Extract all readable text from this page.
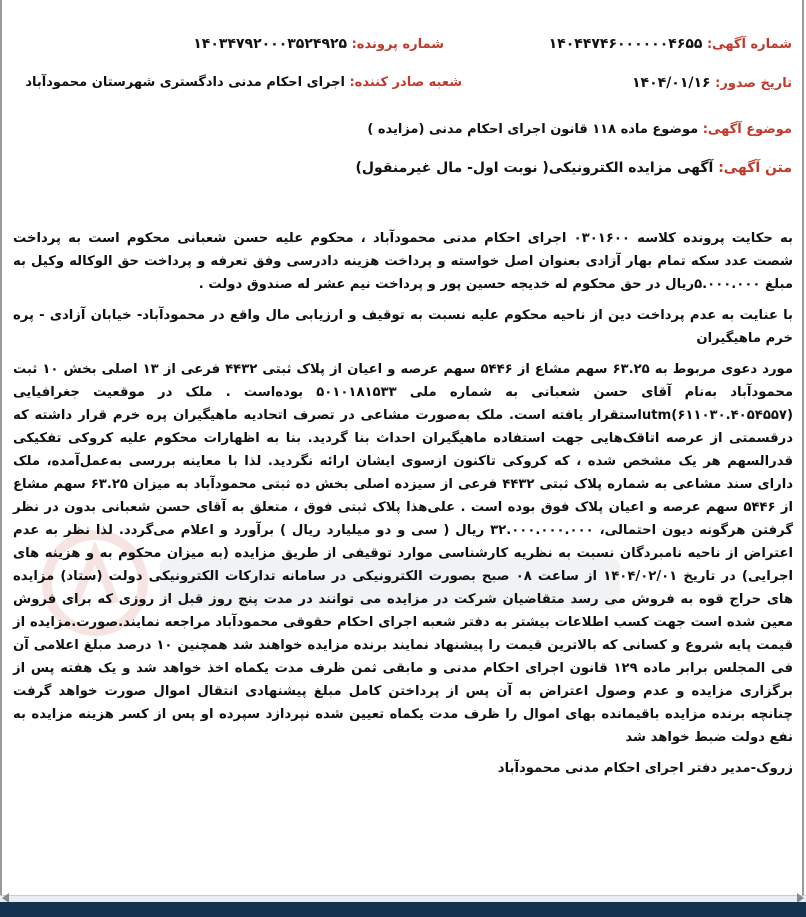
شماره آگهی: ۱۴۰۴۴۷۴۶۰۰۰۰۰۰۴۶۵۵
شماره پرونده: ۱۴۰۳۴۷۹۲۰۰۰۳۵۲۴۹۲۵
تاریخ صدور: ۱۴۰۴/۰۱/۱۶
شعبه صادر کننده: اجرای احکام مدنی دادگستری شهرستان محمودآباد
موضوع آگهی: موضوع ماده ۱۱۸ قانون اجرای احکام مدنی (مزایده )
متن آگهی: آگهی مزایده الکترونیکی( نوبت اول- مال غیرمنقول)

به حکایت پرونده کلاسه ۰۳۰۱۶۰۰ اجرای احکام مدنی محمودآباد ، محکوم علیه حسن شعبانی محکوم است به پرداخت شصت عدد سکه تمام بهار آزادی بعنوان اصل خواسته و پرداخت هزینه دادرسی وفق تعرفه و پرداخت حق الوکاله وکیل به مبلغ ۵.۰۰۰.۰۰۰ریال در حق محکوم له خدیجه حسین پور و پرداخت نیم عشر له صندوق دولت .

با عنایت به عدم پرداخت دین از ناحیه محکوم علیه نسبت به توقیف و ارزیابی مال واقع در محمودآباد- خیابان آزادی - پره خرم ماهیگیران

مورد دعوی مربوط به ۶۳.۲۵ سهم مشاع از ۵۴۴۶ سهم عرصه و اعیان از پلاک ثبتی ۴۴۳۲ فرعی از ۱۳ اصلی بخش ۱۰ ثبت محمودآباد به‌نام آقای حسن شعبانی به شماره ملی ۵۰۱۰۱۸۱۵۳۳ بوده‌است . ملک در موقعیت جغرافیایی utm(۶۱۱۰۳۰.۴۰۵۴۵۵۷)استقرار یافته است. ملک به‌صورت مشاعی در تصرف اتحادیه ماهیگیران پره خرم قرار داشته که درقسمتی از عرصه اتاقک‌هایی جهت استفاده ماهیگیران احداث بنا گردید. بنا به اظهارات محکوم علیه کروکی تفکیکی قدرالسهم هر یک مشخص شده ، که کروکی تاکنون ازسوی ایشان ارائه نگردید. لذا با معاینه بررسی به‌عمل‌آمده، ملک دارای سند مشاعی به شماره پلاک ثبتی ۴۴۳۲ فرعی از سیزده اصلی بخش ده ثبتی محمودآباد به میزان ۶۳.۲۵ سهم مشاع از ۵۴۴۶ سهم عرصه و اعیان پلاک فوق بوده است . علی‌هذا پلاک ثبتی فوق ، متعلق به آقای حسن شعبانی بدون در نظر گرفتن هرگونه دیون احتمالی، ۳۲.۰۰۰.۰۰۰.۰۰۰ ریال ( سی و دو میلیارد ریال ) برآورد و اعلام می‌گردد. لذا نظر به عدم اعتراض از ناحیه نامبردگان نسبت به نظریه کارشناسی موارد توقیفی از طریق مزایده (به میزان محکوم به و هزینه های اجرایی) در تاریخ ۱۴۰۴/۰۲/۰۱ از ساعت ۰۸ صبح بصورت الکترونیکی در سامانه تدارکات الکترونیکی دولت (ستاد) مزایده های حراج قوه به فروش می رسد متقاضیان شرکت در مزایده می توانند در مدت پنج روز قبل از روزی که برای فروش معین شده است جهت کسب اطلاعات بیشتر به دفتر شعبه اجرای احکام حقوقی محمودآباد مراجعه نمایند.صورت.مزایده از قیمت پایه شروع و کسانی که بالاترین قیمت را پیشنهاد نمایند برنده مزایده خواهند شد همچنین ۱۰ درصد مبلغ اعلامی آن فی المجلس برابر ماده ۱۲۹ قانون اجرای احکام مدنی و مابقی ثمن ظرف مدت یکماه اخذ خواهد شد و یک هفته پس از برگزاری مزایده و عدم وصول اعتراض به آن پس از پرداختن کامل مبلغ پیشنهادی انتقال اموال صورت خواهد گرفت چنانچه برنده مزایده باقیمانده بهای اموال را ظرف مدت یکماه تعیین شده نپردازد سپرده او پس از کسر هزینه مزایده به نفع دولت ضبط خواهد شد

زروک-مدیر دفتر اجرای احکام مدنی محمودآباد
